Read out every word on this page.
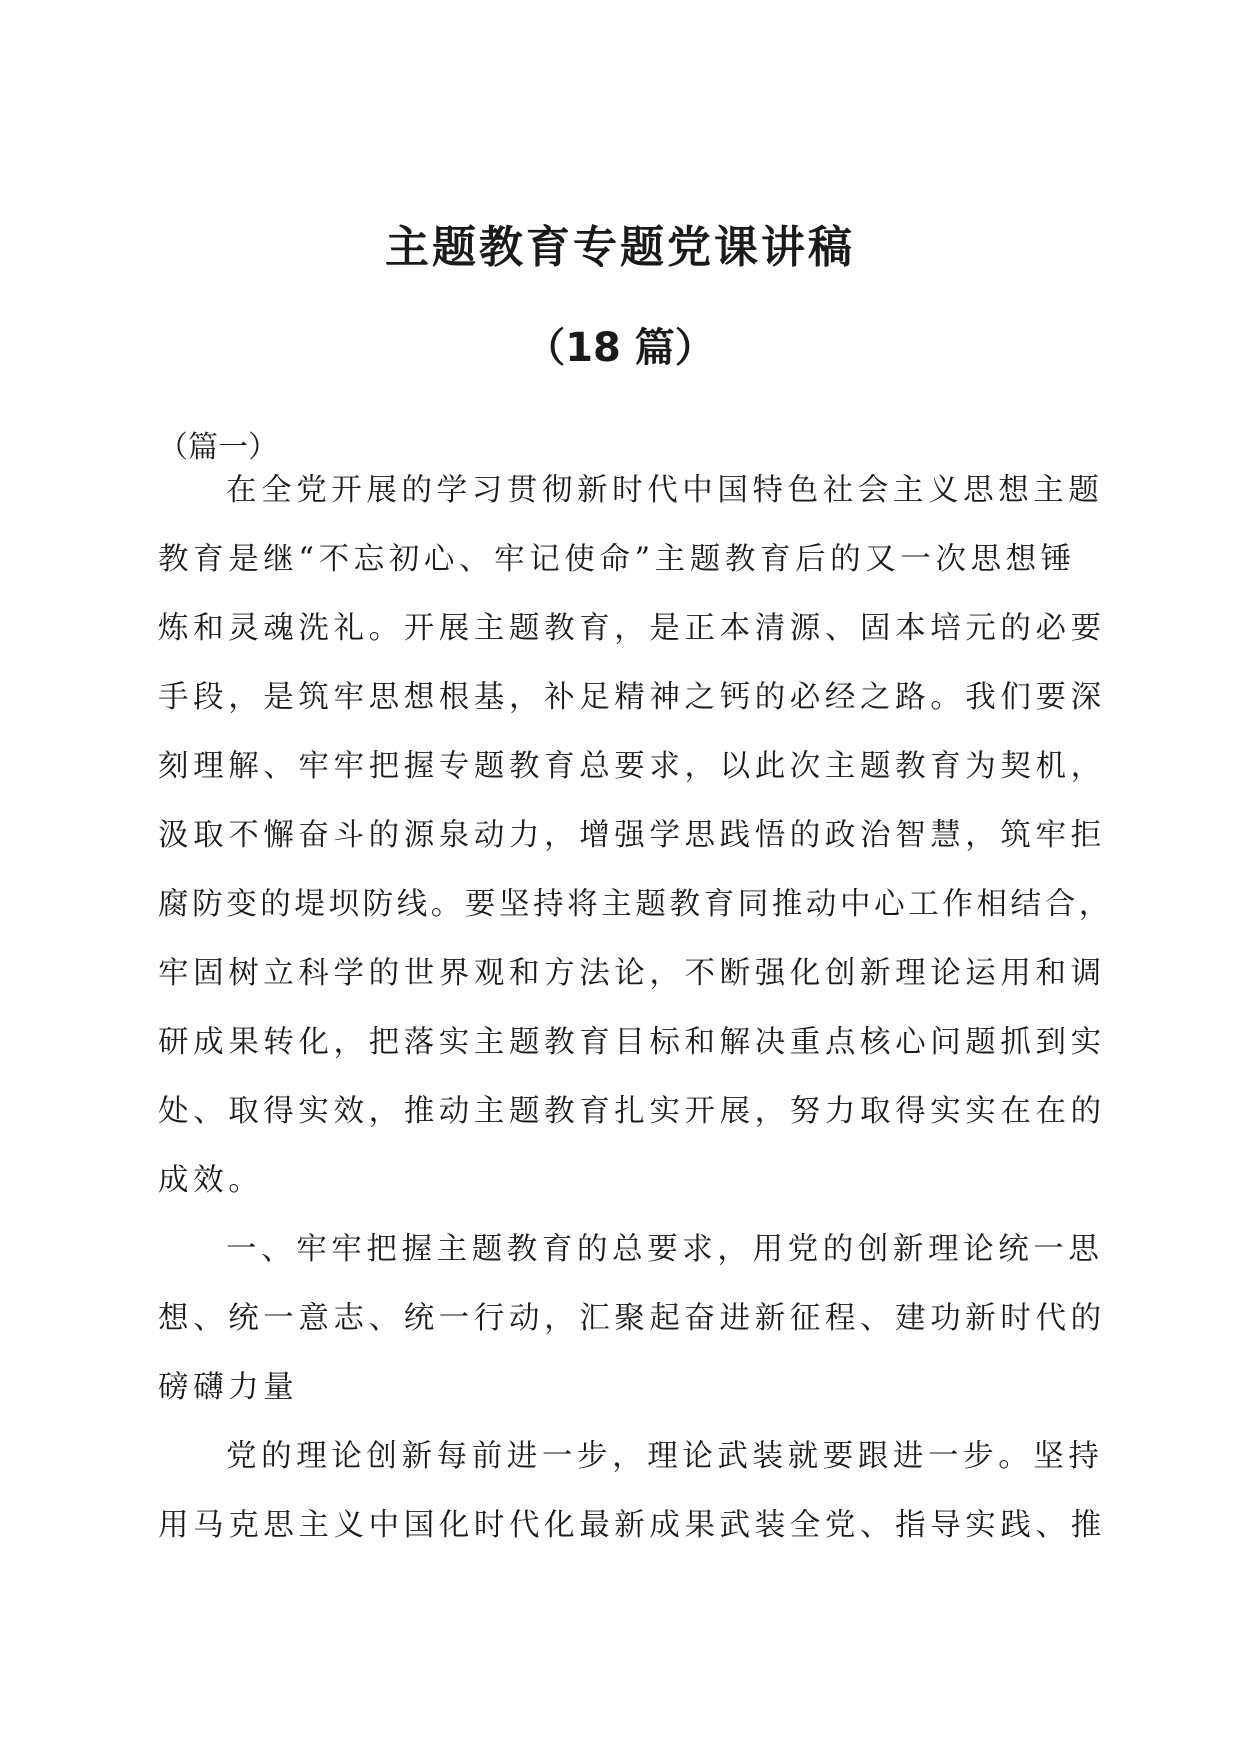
主题教育专题党课讲稿
（18 篇）

（篇一）

在全党开展的学习贯彻新时代中国特色社会主义思想主题

教育是继“不忘初心、牢记使命”主题教育后的又一次思想锤

炼和灵魂洗礼。开展主题教育，是正本清源、固本培元的必要

手段，是筑牢思想根基，补足精神之钙的必经之路。我们要深

刻理解、牢牢把握专题教育总要求，以此次主题教育为契机，

汲取不懈奋斗的源泉动力，增强学思践悟的政治智慧，筑牢拒

腐防变的堤坝防线。要坚持将主题教育同推动中心工作相结合，

牢固树立科学的世界观和方法论，不断强化创新理论运用和调

研成果转化，把落实主题教育目标和解决重点核心问题抓到实

处、取得实效，推动主题教育扎实开展，努力取得实实在在的

成效。

一、牢牢把握主题教育的总要求，用党的创新理论统一思

想、统一意志、统一行动，汇聚起奋进新征程、建功新时代的

磅礴力量

党的理论创新每前进一步，理论武装就要跟进一步。坚持

用马克思主义中国化时代化最新成果武装全党、指导实践、推
